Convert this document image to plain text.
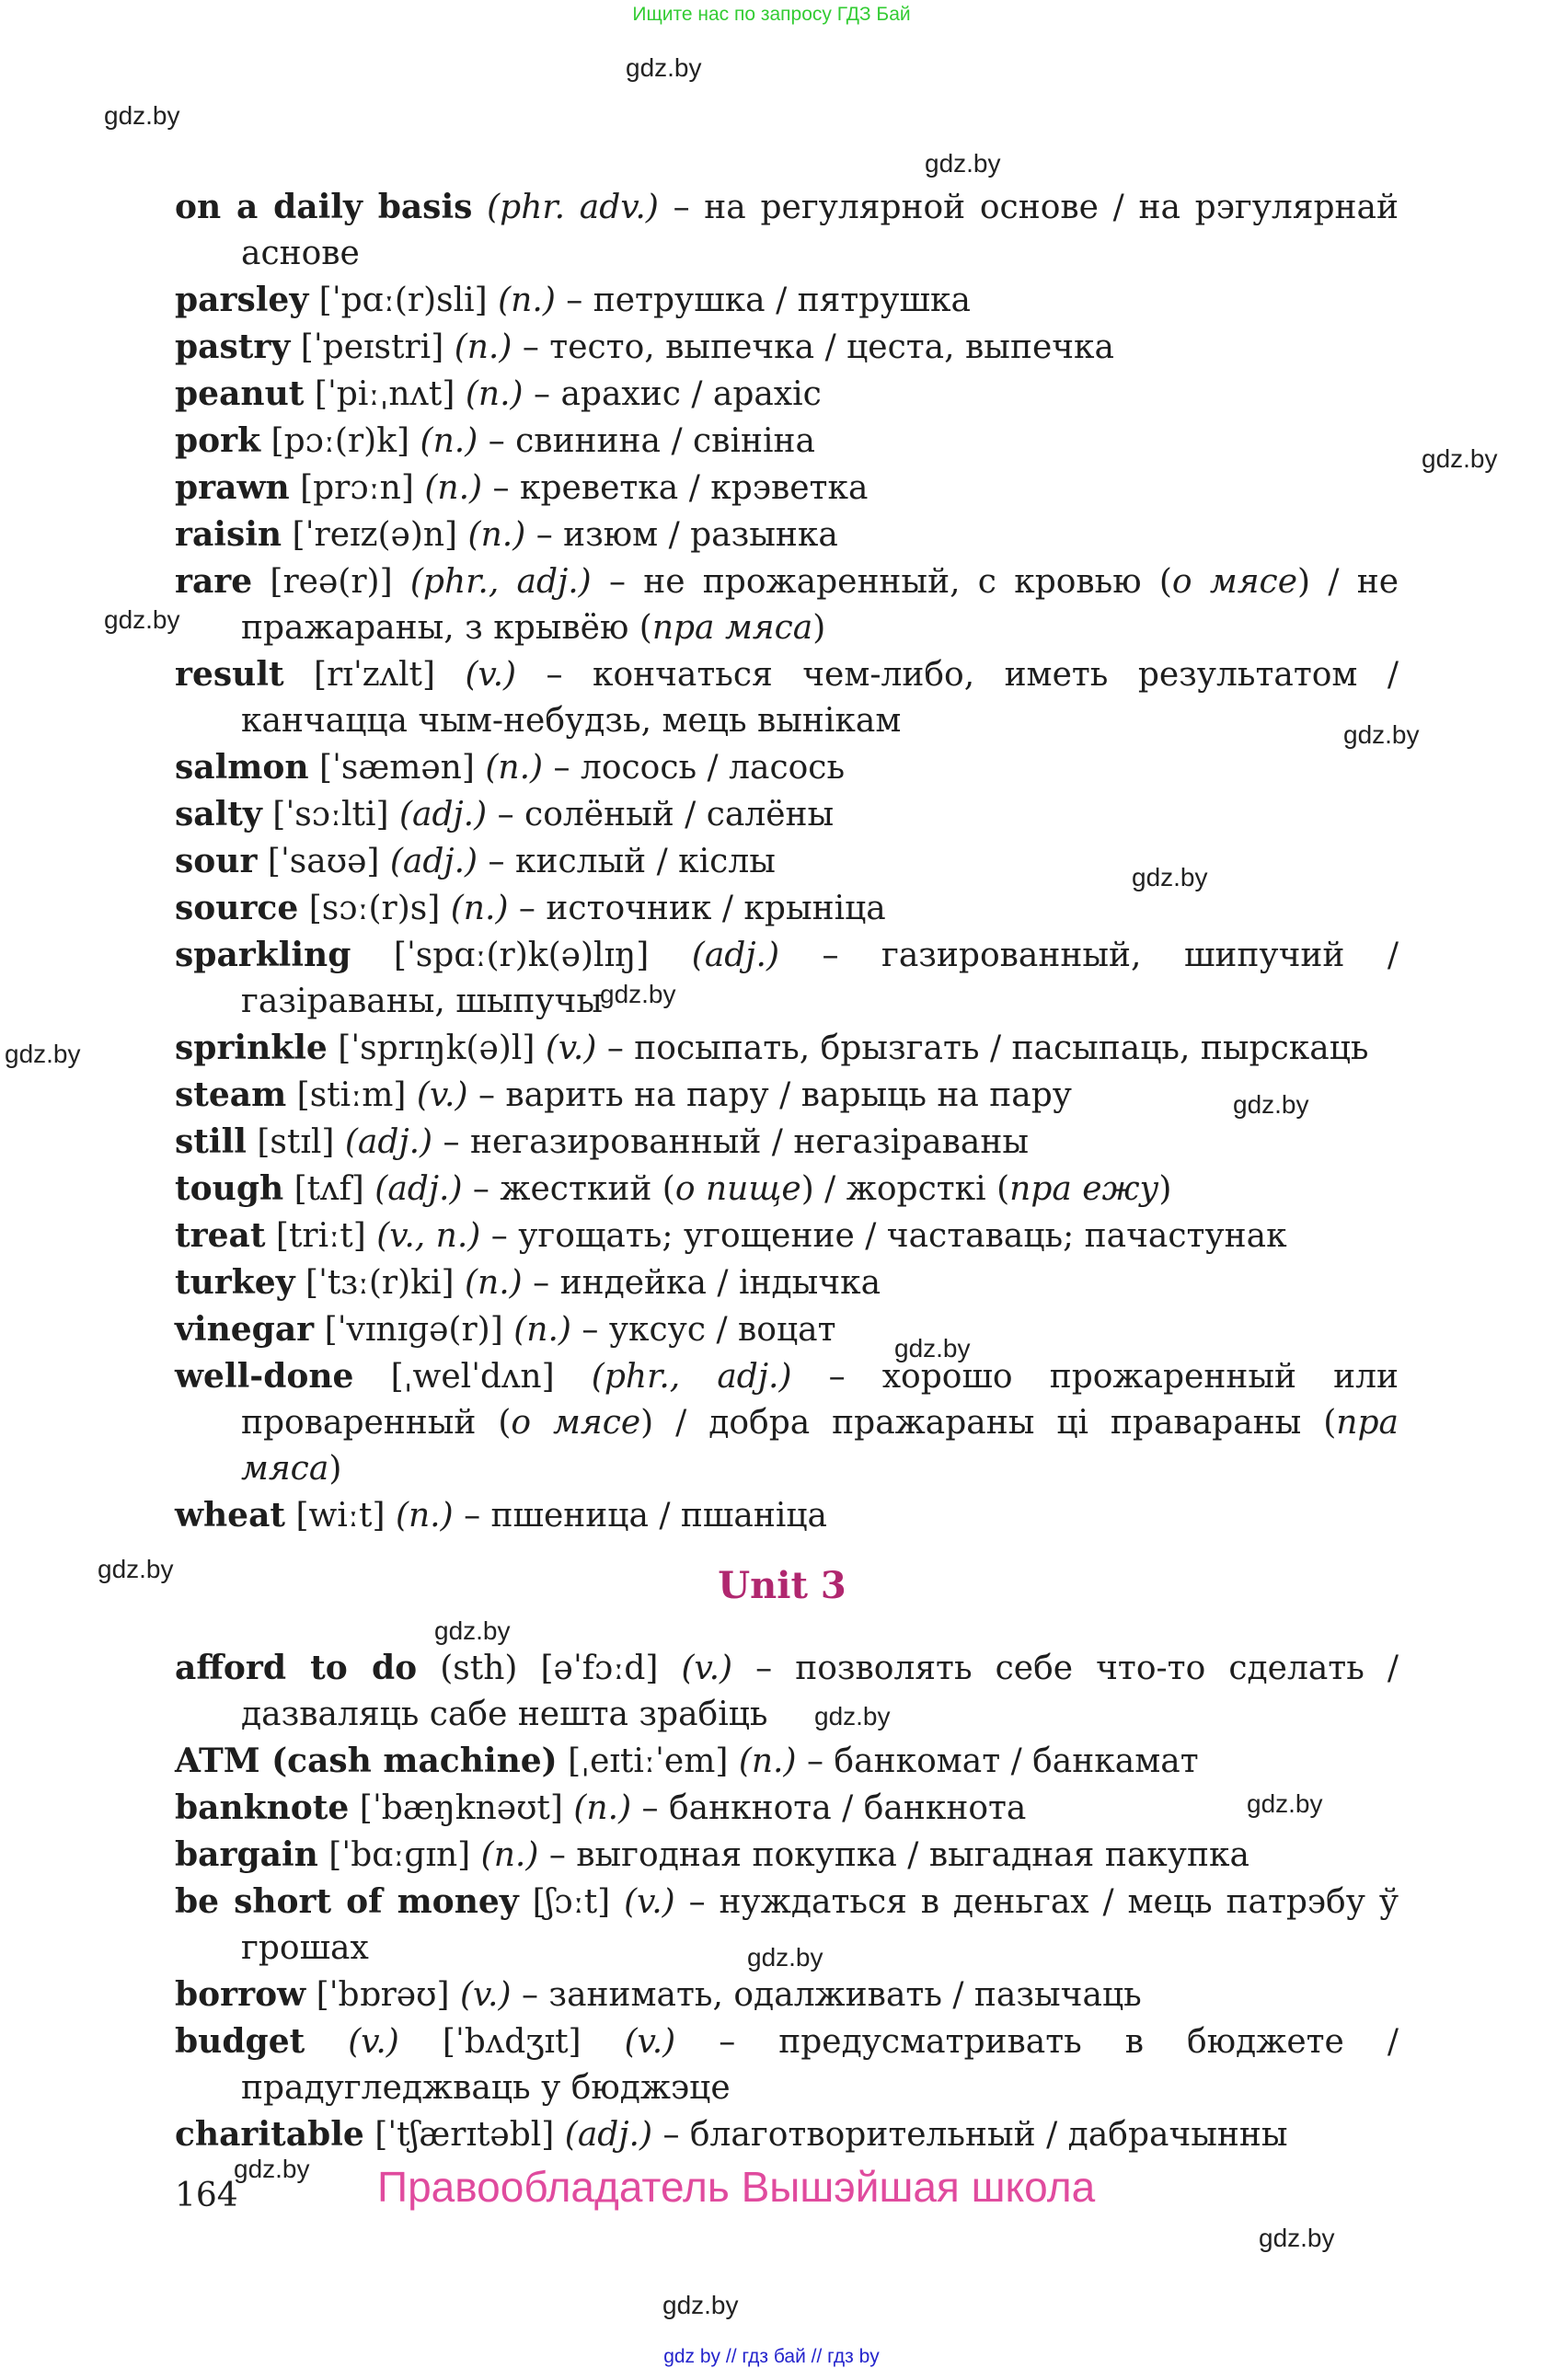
Ищите нас по запросу ГДЗ Бай
gdz.by
gdz.by
gdz.by
gdz.by
gdz.by
gdz.by
gdz.by
gdz.by
gdz.by
gdz.by
gdz.by
gdz.by
gdz.by
gdz.by
gdz.by
gdz.by
gdz.by
gdz.by
gdz.by
on a daily basis (phr. adv.) – на регулярной основе / на рэгулярнай аснове
parsley [ˈpɑː(r)sli] (n.) – петрушка / пятрушка
pastry [ˈpeɪstri] (n.) – тесто, выпечка / цеста, выпечка
peanut [ˈpiːˌnʌt] (n.) – арахис / арахіс
pork [pɔː(r)k] (n.) – свинина / свініна
prawn [prɔːn] (n.) – креветка / крэветка
raisin [ˈreɪz(ə)n] (n.) – изюм / разынка
rare [reə(r)] (phr., adj.) – не прожаренный, с кровью (о мясе) / не пражараны, з крывёю (пра мяса)
result [rɪˈzʌlt] (v.) – кончаться чем-либо, иметь результатом / канчацца чым-небудзь, мець вынікам
salmon [ˈsæmən] (n.) – лосось / ласось
salty [ˈsɔːlti] (adj.) – солёный / салёны
sour [ˈsaʊə] (adj.) – кислый / кіслы
source [sɔː(r)s] (n.) – источник / крыніца
sparkling [ˈspɑː(r)k(ə)lɪŋ] (adj.) – газированный, шипучий / газіраваны, шыпучы
sprinkle [ˈsprɪŋk(ə)l] (v.) – посыпать, брызгать / пасыпаць, пырскаць
steam [stiːm] (v.) – варить на пару / варыць на пару
still [stɪl] (adj.) – негазированный / негазіраваны
tough [tʌf] (adj.) – жесткий (о пище) / жорсткі (пра ежу)
treat [triːt] (v., n.) – угощать; угощение / частаваць; пачастунак
turkey [ˈtɜː(r)ki] (n.) – индейка / індычка
vinegar [ˈvɪnɪɡə(r)] (n.) – уксус / воцат
well-done [ˌwelˈdʌn] (phr., adj.) – хорошо прожаренный или проваренный (о мясе) / добра пражараны ці правараны (пра мяса)
wheat [wiːt] (n.) – пшеница / пшаніца
Unit 3
afford to do (sth) [əˈfɔːd] (v.) – позволять себе что-то сделать / дазваляць сабе нешта зрабіць
ATM (cash machine) [ˌeɪtiːˈem] (n.) – банкомат / банкамат
banknote [ˈbæŋknəʊt] (n.) – банкнота / банкнота
bargain [ˈbɑːɡɪn] (n.) – выгодная покупка / выгадная пакупка
be short of money [ʃɔːt] (v.) – нуждаться в деньгах / мець патрэбу ў грошах
borrow [ˈbɒrəʊ] (v.) – занимать, одалживать / пазычаць
budget (v.) [ˈbʌdʒɪt] (v.) – предусматривать в бюджете / прадугледжваць у бюджэце
charitable [ˈtʃærɪtəbl] (adj.) – благотворительный / дабрачынны
164	Правообладатель Вышэйшая школа
gdz by // гдз бай // гдз by
